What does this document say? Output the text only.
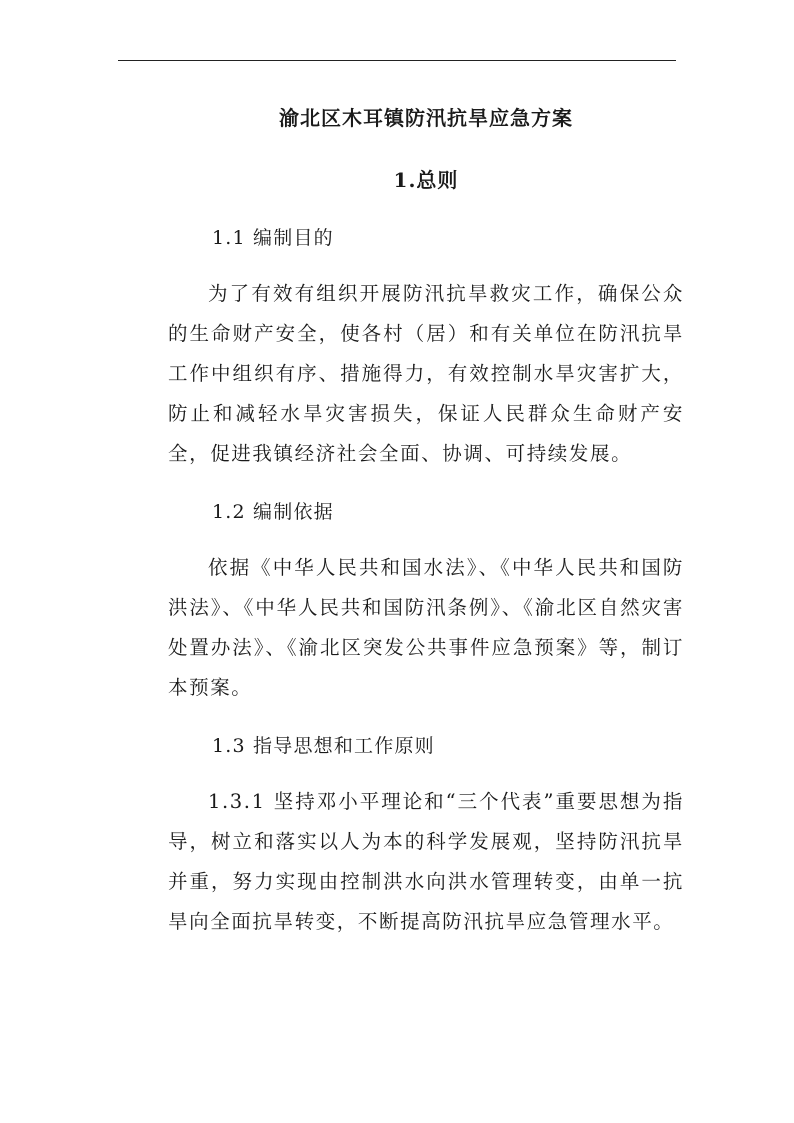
渝北区木耳镇防汛抗旱应急方案
1.总则

1.1 编制目的

为了有效有组织开展防汛抗旱救灾工作，确保公众的生命财产安全，使各村（居）和有关单位在防汛抗旱工作中组织有序、措施得力，有效控制水旱灾害扩大，防止和减轻水旱灾害损失，保证人民群众生命财产安全，促进我镇经济社会全面、协调、可持续发展。

1.2 编制依据

依据《中华人民共和国水法》、《中华人民共和国防洪法》、《中华人民共和国防汛条例》、《渝北区自然灾害处置办法》、《渝北区突发公共事件应急预案》等，制订本预案。

1.3 指导思想和工作原则

1.3.1 坚持邓小平理论和“三个代表”重要思想为指导，树立和落实以人为本的科学发展观，坚持防汛抗旱并重，努力实现由控制洪水向洪水管理转变，由单一抗旱向全面抗旱转变，不断提高防汛抗旱应急管理水平。
